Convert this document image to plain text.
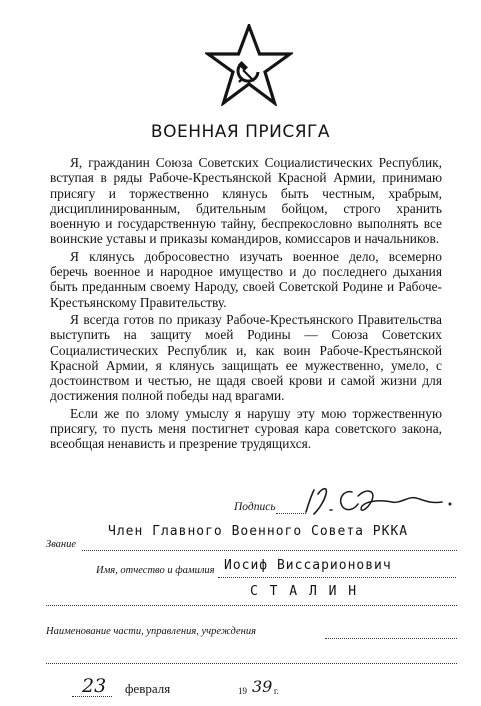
ВОЕННАЯ ПРИСЯГА

Я, гражданин Союза Советских Социалистических Республик, вступая в ряды Рабоче-Крестьянской Красной Армии, принимаю присягу и торжественно клянусь быть честным, храбрым, дисциплинированным, бдительным бойцом, строго хранить военную и государственную тайну, беспрекословно выполнять все воинские уставы и приказы командиров, комиссаров и начальников.

Я клянусь добросовестно изучать военное дело, всемерно беречь военное и народное имущество и до последнего дыхания быть преданным своему Народу, своей Советской Родине и Рабоче-Крестьянскому Правительству.

Я всегда готов по приказу Рабоче-Крестьянского Правительства выступить на защиту моей Родины — Союза Советских Социалистических Республик и, как воин Рабоче-Крестьянской Красной Армии, я клянусь защищать ее мужественно, умело, с достоинством и честью, не щадя своей крови и самой жизни для достижения полной победы над врагами.

Если же по злому умыслу я нарушу эту мою торжественную присягу, то пусть меня постигнет суровая кара советского закона, всеобщая ненависть и презрение трудящихся.

Подпись
Звание
Член Главного Военного Совета РККА
Имя, отчество и фамилия Иосиф Виссарионович
С Т А Л И Н
Наименование части, управления, учреждения
23 февраля	19 39 г.
